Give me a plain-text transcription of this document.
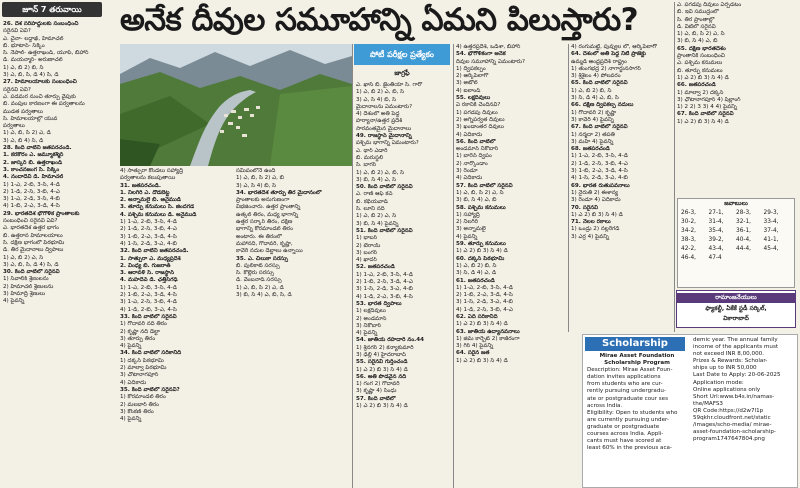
జూన్ 7 తరువాయి
26. దేశ సరిహద్దులకు సంబంధించి
సరైనవి ఏవి?
ఎ. చైనా- లద్దాఖ్, హిమాచల్
బి. భూటాన్- సిక్కిం
సి. నేపాల్- ఉత్తరాఖండ్, యూపీ, బిహార్
డి. మయన్మార్- అరుణాచల్
1) ఎ, బి 2) బి, సి
3) ఎ, బి, సి, డి 4) సి, డి
27. హిమాలయాలకు సంబంధించి
సరైనవి ఏవి?
ఎ. పడమర నుంచి తూర్పు వైపుకు
బి. వంపుల కారణంగా ఈ పర్వతాలను
ముడత పర్వతాలు
సి. హిమాలయాల్లో యువ
పర్వతాలు
1) ఎ, బి, సి 2) ఎ, డి
3) ఎ, బి 4) సి, డి
28. కింది వాటిని జతపరచండి.
1. కరకోరం ఎ. జమ్మూకశ్మీర్
2. జాస్కర్ బి. ఉత్తరాఖండ్
3. కాంచనజంగ సి. సిక్కిం
4. నందాదేవి డి. హిమాచల్
1) 1-ఎ, 2-బి, 3-సి, 4-డి
2) 1-డి, 2-సి, 3-బి, 4-ఎ
3) 1-ఎ, 2-డి, 3-సి, 4-బి
4) 1-బి, 2-ఎ, 3-డి, 4-సి
29. భారతదేశ భౌగోళిక ప్రాంతాలకు
సంబంధించి సరైనవి ఏవి?
ఎ. భారతదేశ ఉత్తర భాగం
బి. ఉత్తరాన హిమాలయాలు
సి. దక్షిణ భాగంలో పీఠభూమి
డి. తీర మైదానాలు ద్వీపాలు
1) ఎ, బి 2) ఎ, సి
3) ఎ, బి, సి, డి 4) సి, డి
30. కింది వాటిలో సరైనవి
1) సివాలిక్ శ్రేణులను
2) హిమాచల్ శ్రేణులను
3) హిమాద్రి శ్రేణులు
4) పైవన్నీ
అనేక దీవుల సమూహాన్ని ఏమని పిలుస్తారు?
4) సాత్పురా కొండలు సహ్యాద్రి
పర్వతాలను కలుపుతాయి
31. జతపరచండి.
1. నీలగిరి ఎ. దొడబెట్ట
2. అన్నామలై బి. ఆనైముడి
3. తూర్పు కనుమలు సి. జిందగడ
4. పశ్చిమ కనుమలు డి. అనైముడి
1) 1-ఎ, 2-బి, 3-సి, 4-డి
2) 1-డి, 2-సి, 3-బి, 4-ఎ
3) 1-బి, 2-ఎ, 3-డి, 4-సి
4) 1-సి, 2-డి, 3-ఎ, 4-బి
32. కింది వాటిని జతపరచండి.
1. సాత్పురా ఎ. మధ్యప్రదేశ్
2. వింధ్య బి. గుజరాత్
3. ఆరావళి సి. రాజస్థాన్
4. మహదేవ్ డి. ఛత్తీస్‌గఢ్
1) 1-ఎ, 2-బి, 3-సి, 4-డి
2) 1-బి, 2-ఎ, 3-డి, 4-సి
3) 1-ఎ, 2-సి, 3-బి, 4-డి
4) 1-డి, 2-బి, 3-ఎ, 4-సి
33. కింది వాటిలో సరైనవి
1) గోదావరి నది తీరం
2) కృష్ణా నది డెల్టా
3) తూర్పు తీరం
4) పైవన్నీ
34. కింది వాటిలో సరికానిది
1) దక్కన్ పీఠభూమి
2) మాల్వా పీఠభూమి
3) చోటానాగపూర్
4) ఏదీకాదు
35. కింది వాటిలో సరైనవి?
1) కోరమాండల్ తీరం
2) మలబార్ తీరం
3) కొంకణ్ తీరం
4) పైవన్నీ
సమీపంలోనే ఉంది
1) ఎ, బి, సి 2) ఎ, బి
3) ఎ, సి 4) బి, సి
34. భారతదేశ తూర్పు తీర మైదానంలో
ప్రాంతాలకు అనుగుణంగా
విభజించారు. ఉత్తర ప్రాంతాన్ని
ఉత్కల్ తీరం, మధ్య భాగాన్ని
ఉత్తర సర్కార్ తీరం, దక్షిణ
భాగాన్ని కోరమాండల్ తీరం
అంటారు. ఈ తీరంలో
మహానది, గోదావరి, కృష్ణా,
కావేరీ నదుల డెల్టాలు ఉన్నాయి
35. ఎ. చిలుకా సరస్సు
బి. పులికాట్ సరస్సు
సి. కొల్లేరు సరస్సు
డి. వెంబనాడ్ సరస్సు
1) ఎ, బి, సి 2) ఎ, డి
3) బి, సి 4) ఎ, బి, సి, డి
పోటీ పరీక్షల ప్రత్యేకం
జాగ్రఫీ
ఎ. ఖాసీ బి. జైంతియా సి. గారో
1) ఎ, బి 2) ఎ, బి, సి
3) ఎ, సి 4) బి, సి
మైదానాలను ఏమంటారు?
4) దేశంలో అతి పెద్ద
హర్యానా/ఉత్తర ప్రదేశ్
సారవంతమైన మైదానాలు
49. రాజస్థాన్ మైదానాన్ని
పశ్చిమ భాగాన్ని ఏమంటారు?
ఎ. థార్ ఎడారి
బి. మరుస్థలి
సి. బాగర్
1) ఎ, బి 2) ఎ, బి, సి
3) బి, సి 4) ఎ, సి
50. కింది వాటిలో సరైనవి
ఎ. రాణ్ ఆఫ్ కచ్
బి. కథియవాడ్
సి. లూని నది
1) ఎ, బి 2) ఎ, సి
3) బి, సి 4) పైవన్నీ
51. కింది వాటిలో సరైనవి
1) భాబర్
2) టెరాయ్
3) బంగర్
4) ఖాదర్
52. జతపరచండి
1) 1-ఎ, 2-బి, 3-సి, 4-డి
2) 1-బి, 2-సి, 3-డి, 4-ఎ
3) 1-సి, 2-డి, 3-ఎ, 4-బి
4) 1-డి, 2-ఎ, 3-బి, 4-సి
53. భారత ద్వీపాలు
1) లక్షదీవులు
2) అండమాన్
3) నికోబార్
4) పైవన్నీ
54. జాతీయ రహదారి నం.44
1) శ్రీనగర్ 2) కన్యాకుమారి
3) ఢిల్లీ 4) హైదరాబాద్
55. సరైనవి గుర్తించండి
1) ఎ 2) బి 3) సి 4) డి
56. అతి పొడవైన నది
1) గంగ 2) గోదావరి
3) కృష్ణా 4) సింధు
57. కింది వాటిలో
1) ఎ 2) బి 3) సి 4) డి
4) ఉత్తరప్రదేశ్, ఒడిశా, బిహార్
54. భౌగోళికంగా అనేక
దీవుల సమూహాన్ని ఏమంటారు?
1) ద్వీపకల్పం
2) ఆర్కిపెలాగో
3) అటోల్
4) ఐలాండ్
55. లక్షదీవులు
ఏ రకానికి చెందినవి?
1) పగడపు దీవులు
2) అగ్నిపర్వత దీవులు
3) ఖండాంతర దీవులు
4) ఏదీకాదు
56. కింది వాటిలో
అండమాన్ నికోబార్
1) బారెన్ ద్వీపం
2) నార్కొండాం
3) రెండూ
4) ఏదీకాదు
57. కింది వాటిలో సరైనవి
1) ఎ, బి, సి 2) ఎ, సి
3) బి, సి 4) ఎ, బి
58. పశ్చిమ కనుమలు
1) సహ్యాద్రి
2) నీలగిరి
3) అన్నామలై
4) పైవన్నీ
59. తూర్పు కనుమలు
1) ఎ 2) బి 3) సి 4) డి
60. దక్కన్ పీఠభూమి
1) ఎ, బి 2) బి, సి
3) సి, డి 4) ఎ, డి
61. జతపరచండి
1) 1-ఎ, 2-బి, 3-సి, 4-డి
2) 1-బి, 2-ఎ, 3-డి, 4-సి
3) 1-సి, 2-డి, 3-ఎ, 4-బి
4) 1-డి, 2-సి, 3-బి, 4-ఎ
62. ఏది సరికానిది
1) ఎ 2) బి 3) సి 4) డి
63. జాతీయ ఉద్యానవనాలు
1) జిమ్ కార్బెట్ 2) కాజీరంగా
3) గిర్ 4) పైవన్నీ
64. సరైన జత
1) ఎ 2) బి 3) సి 4) డి
4) రంగుమట్టి, పువ్వుల లో, ఆర్కిపెలాగో
64. దేశంలో అతి పెద్ద నీటి ప్రాజెక్టు
ఉమ్మడి ఆంధ్రప్రదేశ్ రాష్ట్రం
1) తుంగభద్ర 2) నాగార్జునసాగర్
3) శ్రీశైలం 4) పోలవరం
65. కింది వాటిలో సరైనవి
1) ఎ, బి 2) బి, సి
3) సి, డి 4) ఎ, బి, సి
66. దక్షిణ ద్వీపకల్ప నదులు
1) గోదావరి 2) కృష్ణా
3) కావేరి 4) పైవన్నీ
67. కింది వాటిలో సరైనవి
1) నర్మదా 2) తపతి
3) మహి 4) పైవన్నీ
68. జతపరచండి
1) 1-ఎ, 2-బి, 3-సి, 4-డి
2) 1-డి, 2-సి, 3-బి, 4-ఎ
3) 1-బి, 2-ఎ, 3-డి, 4-సి
4) 1-సి, 2-డి, 3-ఎ, 4-బి
69. భారత రుతుపవనాలు
1) నైరుతి 2) ఈశాన్య
3) రెండూ 4) ఏదీకాదు
70. సరైనవి
1) ఎ 2) బి 3) సి 4) డి
71. నేలల రకాలు
1) ఒండ్రు 2) నల్లరేగడి
3) ఎర్ర 4) పైవన్నీ
ఎ. పగడపు దీవులు ఏర్పడటం
బి. ఇవి సముద్రంలో
సి. తీర ప్రాంతాల్లో
డి. వీటిలో సరైనవి
1) ఎ, బి, సి 2) ఎ, సి
3) బి, సి 4) ఎ, బి
65. దక్షిణ భారతదేశం
ప్రాంతానికి సంబంధించి
ఎ. పశ్చిమ కనుమలు
బి. తూర్పు కనుమలు
1) ఎ 2) బి 3) సి 4) డి
66. జతపరచండి
1) మాల్వా 2) దక్కన్
3) ఛోటానాగపూర్ 4) షిల్లాంగ్
1) 2 2) 3 3) 4 4) పైవన్నీ
67. కింది వాటిలో సరైనవి
1) ఎ 2) బి 3) సి 4) డి
జవాబులు
26-3,	27-1,	28-3,	29-3,
30-2,	31-4,	32-1,	33-4,
34-2,	35-4,	36-1,	37-4,
38-3,	39-2,	40-4,	41-1,
42-2,	43-4,	44-4,	45-4,
46-4,	47-4
రామాంజనేయులు
ఫ్యాకల్టీ, ఏకేకే స్టడీ సర్కిల్,
వికారాబాద్
Scholarship
Mirae Asset Foundation
Scholarship Program
Description: Mirae Asset Foun-
dation invites applications
from students who are cur-
rently pursuing undergradu-
ate or postgraduate cour ses
across India.
Eligibility: Open to students who
are currently pursuing under-
graduate or postgraduate
courses across India. Appli-
cants must have scored at
least 60% in the previous aca-
demic year. The annual family
income of the applicants must
not exceed INR 8,00,000.
Prizes & Rewards: Scholar-
ships up to INR 50,000
Last Date to Apply: 20-06-2025
Application mode:
Online applications only
Short Url:www.b4s.in/namas-
the/MAFS3
QR Code:https://d2w7l1p
59qkhr.cloudfront.net/static
/images/scho-media/ mirae-
asset-foundation-scholarship-
program1747647804.png
